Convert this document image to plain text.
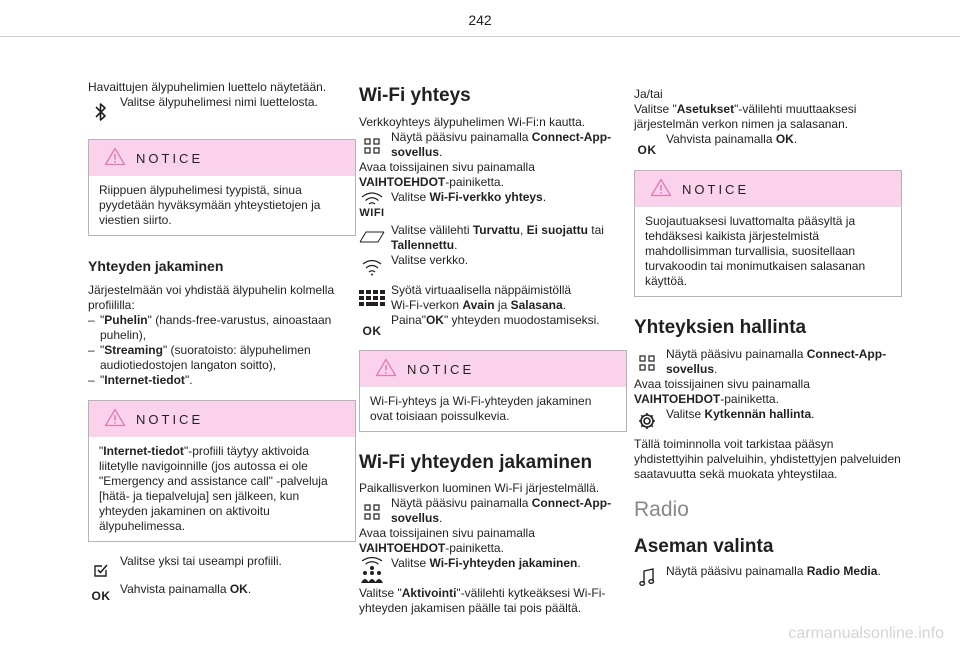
242

Havaittujen älypuhelimien luettelo näytetään.

Valitse älypuhelimesi nimi luettelosta.

NOTICE
Riippuen älypuhelimesi tyypistä, sinua pyydetään hyväksymään yhteystietojen ja viestien siirto.
Yhteyden jakaminen

Järjestelmään voi yhdistää älypuhelin kolmella profiililla:

– "Puhelin" (hands-free-varustus, ainoastaan puhelin),
– "Streaming" (suoratoisto: älypuhelimen audiotiedostojen langaton soitto),
– "Internet-tiedot".
NOTICE
"Internet-tiedot"-profiili täytyy aktivoida liitetylle navigoinnille (jos autossa ei ole "Emergency and assistance call" -palveluja [hätä- ja tiepalveluja] sen jälkeen, kun yhteyden jakaminen on aktivoitu älypuhelimessa.

Valitse yksi tai useampi profiili.

OK Vahvista painamalla OK.

Wi-Fi yhteys

Verkkoyhteys älypuhelimen Wi-Fi:n kautta.

Näytä pääsivu painamalla Connect-App-sovellus.

Avaa toissijainen sivu painamalla VAIHTOEHDOT-painiketta.

WIFI

Valitse Wi-Fi-verkko yhteys.

Valitse välilehti Turvattu, Ei suojattu tai Tallennettu.

Valitse verkko.

Syötä virtuaalisella näppäimistöllä

Wi-Fi-verkon Avain ja Salasana.

OK

Paina"OK" yhteyden muodostamiseksi.

NOTICE
Wi-Fi-yhteys ja Wi-Fi-yhteyden jakaminen ovat toisiaan poissulkevia.
Wi-Fi yhteyden jakaminen

Paikallisverkon luominen Wi-Fi järjestelmällä.

Näytä pääsivu painamalla Connect-App-sovellus.

Avaa toissijainen sivu painamalla VAIHTOEHDOT-painiketta.

Valitse Wi-Fi-yhteyden jakaminen.

Valitse "Aktivointi"-välilehti kytkeäksesi Wi-Fi-yhteyden jakamisen päälle tai pois päältä.

Ja/tai

Valitse "Asetukset"-välilehti muuttaaksesi järjestelmän verkon nimen ja salasanan.

OK

Vahvista painamalla OK.

NOTICE
Suojautuaksesi luvattomalta pääsyltä ja tehdäksesi kaikista järjestelmistä mahdollisimman turvallisia, suositellaan turvakoodin tai monimutkaisen salasanan käyttöä.
Yhteyksien hallinta

Näytä pääsivu painamalla Connect-App-sovellus.

Avaa toissijainen sivu painamalla VAIHTOEHDOT-painiketta.

Valitse Kytkennän hallinta.

Tällä toiminnolla voit tarkistaa pääsyn yhdistettyihin palveluihin, yhdistettyjen palveluiden saatavuutta sekä muokata yhteystilaa.

Radio
Aseman valinta

Näytä pääsivu painamalla Radio Media.

carmanualsonline.info
